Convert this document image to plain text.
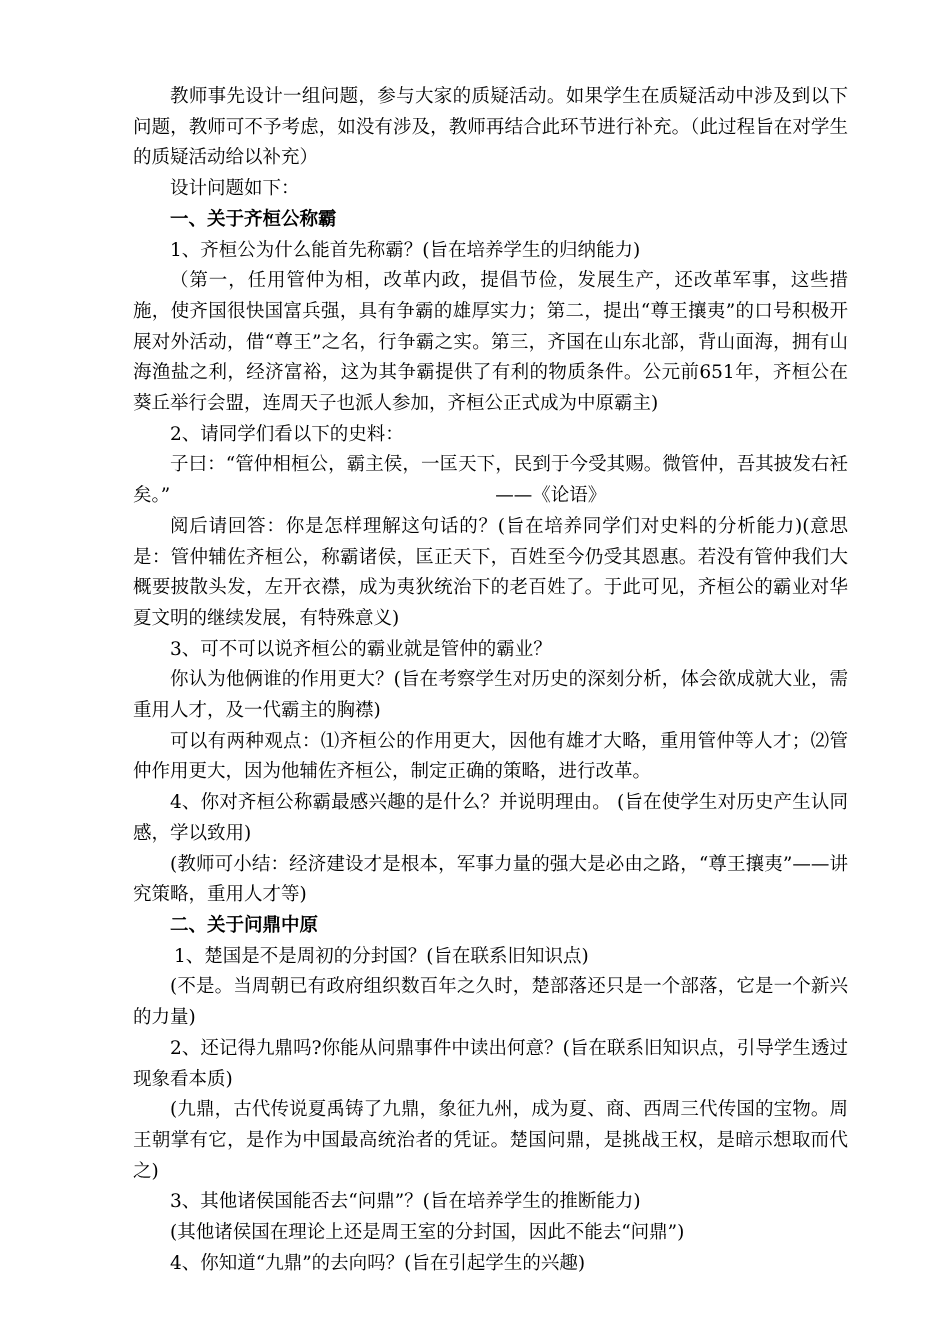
教师事先设计一组问题，参与大家的质疑活动。如果学生在质疑活动中涉及到以下问题，教师可不予考虑，如没有涉及，教师再结合此环节进行补充。（此过程旨在对学生的质疑活动给以补充）

设计问题如下：

一、关于齐桓公称霸

1、齐桓公为什么能首先称霸？(旨在培养学生的归纳能力)

（第一，任用管仲为相，改革内政，提倡节俭，发展生产，还改革军事，这些措施，使齐国很快国富兵强，具有争霸的雄厚实力；第二，提出“尊王攘夷”的口号积极开展对外活动，借“尊王”之名，行争霸之实。第三，齐国在山东北部，背山面海，拥有山海渔盐之利，经济富裕，这为其争霸提供了有利的物质条件。公元前651年，齐桓公在葵丘举行会盟，连周天子也派人参加，齐桓公正式成为中原霸主)

2、请同学们看以下的史料：

子曰：“管仲相桓公，霸主侯，一匡天下，民到于今受其赐。微管仲，吾其披发右衽矣。”	——《论语》

阅后请回答：你是怎样理解这句话的？(旨在培养同学们对史料的分析能力)(意思是：管仲辅佐齐桓公，称霸诸侯，匡正天下，百姓至今仍受其恩惠。若没有管仲我们大概要披散头发，左开衣襟，成为夷狄统治下的老百姓了。于此可见，齐桓公的霸业对华夏文明的继续发展，有特殊意义)

3、可不可以说齐桓公的霸业就是管仲的霸业？

你认为他俩谁的作用更大？(旨在考察学生对历史的深刻分析，体会欲成就大业，需重用人才，及一代霸主的胸襟)

可以有两种观点：⑴齐桓公的作用更大，因他有雄才大略，重用管仲等人才；⑵管仲作用更大，因为他辅佐齐桓公，制定正确的策略，进行改革。

4、你对齐桓公称霸最感兴趣的是什么？并说明理由。 (旨在使学生对历史产生认同感，学以致用)

(教师可小结：经济建设才是根本，军事力量的强大是必由之路，“尊王攘夷”——讲究策略，重用人才等)

二、关于问鼎中原

1、楚国是不是周初的分封国？(旨在联系旧知识点)

(不是。当周朝已有政府组织数百年之久时，楚部落还只是一个部落，它是一个新兴的力量)

2、还记得九鼎吗?你能从问鼎事件中读出何意？(旨在联系旧知识点，引导学生透过现象看本质)

(九鼎，古代传说夏禹铸了九鼎，象征九州，成为夏、商、西周三代传国的宝物。周王朝掌有它，是作为中国最高统治者的凭证。楚国问鼎，是挑战王权，是暗示想取而代之)

3、其他诸侯国能否去“问鼎”？(旨在培养学生的推断能力)

(其他诸侯国在理论上还是周王室的分封国，因此不能去“问鼎”)

4、你知道“九鼎”的去向吗？(旨在引起学生的兴趣)
